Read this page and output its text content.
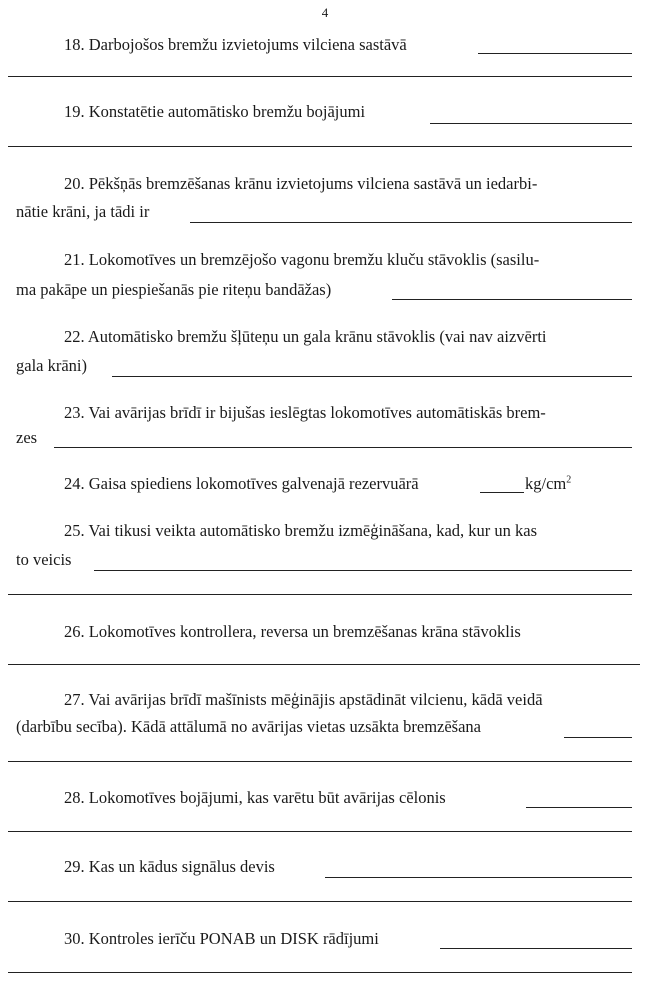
4
18. Darbojošos bremžu izvietojums vilciena sastāvā
19. Konstatētie automātisko bremžu bojājumi
20. Pēkšņās bremzēšanas krānu izvietojums vilciena sastāvā un iedarbi-
nātie krāni, ja tādi ir
21. Lokomotīves un bremzējošo vagonu bremžu kluču stāvoklis (sasilu-
ma pakāpe un piespiešanās pie riteņu bandāžas)
22. Automātisko bremžu šļūteņu un gala krānu stāvoklis (vai nav aizvērti
gala krāni)
23. Vai avārijas brīdī ir bijušas ieslēgtas lokomotīves automātiskās brem-
zes
24. Gaisa spiediens lokomotīves galvenajā rezervuārā	$kg/cm^2$
25. Vai tikusi veikta automātisko bremžu izmēģināšana, kad, kur un kas
to veicis
26. Lokomotīves kontrollera, reversa un bremzēšanas krāna stāvoklis
27. Vai avārijas brīdī mašīnists mēģinājis apstādināt vilcienu, kādā veidā
(darbību secība). Kādā attālumā no avārijas vietas uzsākta bremzēšana
28. Lokomotīves bojājumi, kas varētu būt avārijas cēlonis
29. Kas un kādus signālus devis
30. Kontroles ierīču PONAB un DISK rādījumi
